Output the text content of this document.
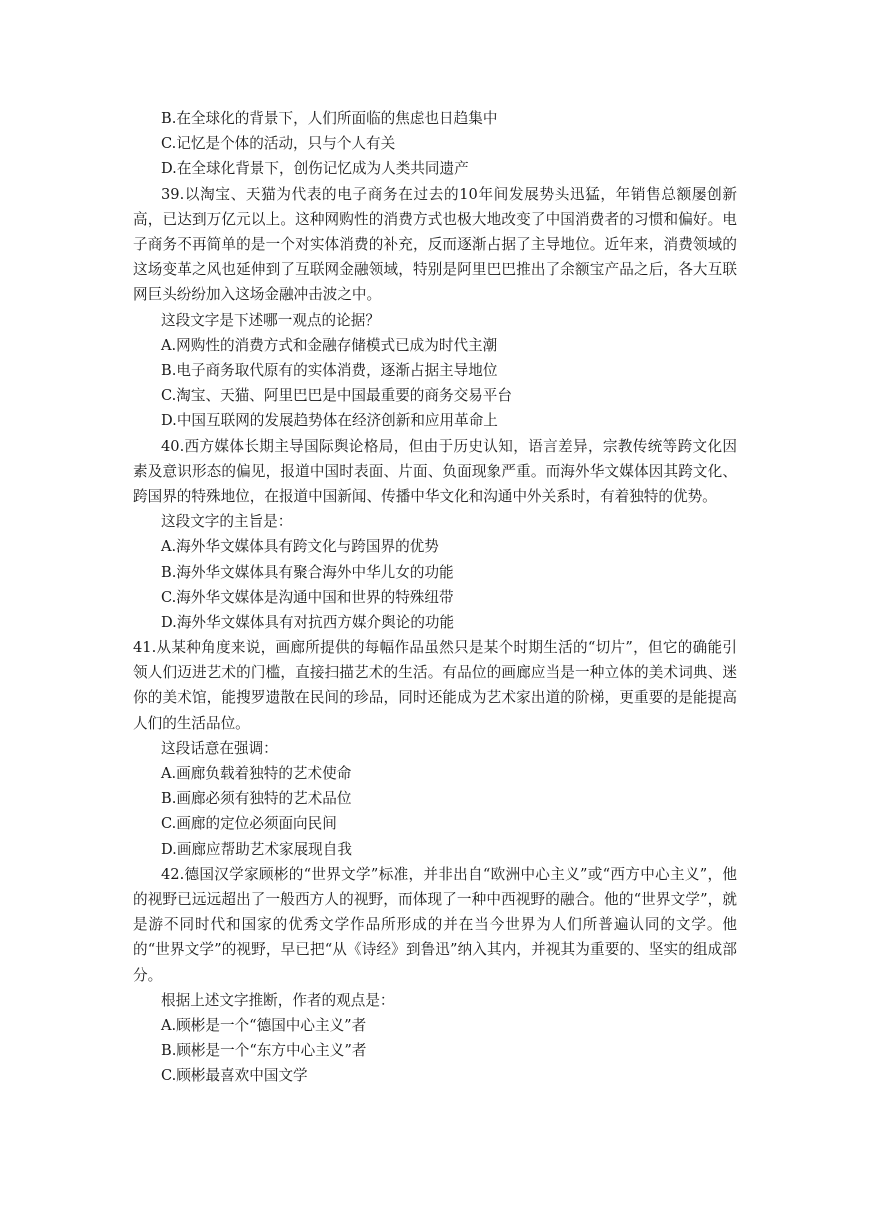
B.在全球化的背景下，人们所面临的焦虑也日趋集中
C.记忆是个体的活动，只与个人有关
D.在全球化背景下，创伤记忆成为人类共同遗产

39.以淘宝、天猫为代表的电子商务在过去的10年间发展势头迅猛，年销售总额屡创新高，已达到万亿元以上。这种网购性的消费方式也极大地改变了中国消费者的习惯和偏好。电子商务不再简单的是一个对实体消费的补充，反而逐渐占据了主导地位。近年来，消费领域的这场变革之风也延伸到了互联网金融领域，特别是阿里巴巴推出了余额宝产品之后，各大互联网巨头纷纷加入这场金融冲击波之中。

这段文字是下述哪一观点的论据？
A.网购性的消费方式和金融存储模式已成为时代主潮
B.电子商务取代原有的实体消费，逐渐占据主导地位
C.淘宝、天猫、阿里巴巴是中国最重要的商务交易平台
D.中国互联网的发展趋势体在经济创新和应用革命上

40.西方媒体长期主导国际舆论格局，但由于历史认知，语言差异，宗教传统等跨文化因素及意识形态的偏见，报道中国时表面、片面、负面现象严重。而海外华文媒体因其跨文化、跨国界的特殊地位，在报道中国新闻、传播中华文化和沟通中外关系时，有着独特的优势。

这段文字的主旨是：
A.海外华文媒体具有跨文化与跨国界的优势
B.海外华文媒体具有聚合海外中华儿女的功能
C.海外华文媒体是沟通中国和世界的特殊纽带
D.海外华文媒体具有对抗西方媒介舆论的功能

41.从某种角度来说，画廊所提供的每幅作品虽然只是某个时期生活的“切片”，但它的确能引领人们迈进艺术的门槛，直接扫描艺术的生活。有品位的画廊应当是一种立体的美术词典、迷你的美术馆，能搜罗遗散在民间的珍品，同时还能成为艺术家出道的阶梯，更重要的是能提高人们的生活品位。

这段话意在强调：
A.画廊负载着独特的艺术使命
B.画廊必须有独特的艺术品位
C.画廊的定位必须面向民间
D.画廊应帮助艺术家展现自我

42.德国汉学家顾彬的“世界文学”标准，并非出自“欧洲中心主义”或“西方中心主义”，他的视野已远远超出了一般西方人的视野，而体现了一种中西视野的融合。他的“世界文学”，就是游不同时代和国家的优秀文学作品所形成的并在当今世界为人们所普遍认同的文学。他的“世界文学”的视野，早已把“从《诗经》到鲁迅”纳入其内，并视其为重要的、坚实的组成部分。

根据上述文字推断，作者的观点是：
A.顾彬是一个“德国中心主义”者
B.顾彬是一个“东方中心主义”者
C.顾彬最喜欢中国文学
